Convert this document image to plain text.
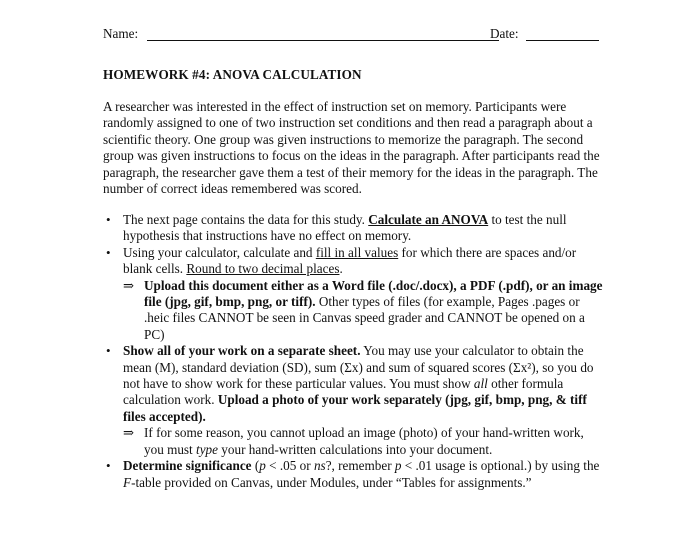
Name:	Date:
HOMEWORK #4: ANOVA CALCULATION

A researcher was interested in the effect of instruction set on memory. Participants were randomly assigned to one of two instruction set conditions and then read a paragraph about a scientific theory. One group was given instructions to memorize the paragraph. The second group was given instructions to focus on the ideas in the paragraph. After participants read the paragraph, the researcher gave them a test of their memory for the ideas in the paragraph. The number of correct ideas remembered was scored.

• The next page contains the data for this study. Calculate an ANOVA to test the null hypothesis that instructions have no effect on memory.
• Using your calculator, calculate and fill in all values for which there are spaces and/or blank cells. Round to two decimal places.
⇒ Upload this document either as a Word file (.doc/.docx), a PDF (.pdf), or an image file (jpg, gif, bmp, png, or tiff). Other types of files (for example, Pages .pages or .heic files CANNOT be seen in Canvas speed grader and CANNOT be opened on a PC)
• Show all of your work on a separate sheet. You may use your calculator to obtain the mean (M), standard deviation (SD), sum (Σx) and sum of squared scores (Σx²), so you do not have to show work for these particular values. You must show all other formula calculation work. Upload a photo of your work separately (jpg, gif, bmp, png, & tiff files accepted).
⇒ If for some reason, you cannot upload an image (photo) of your hand-written work, you must type your hand-written calculations into your document.
• Determine significance (p < .05 or ns?, remember p < .01 usage is optional.) by using the F-table provided on Canvas, under Modules, under “Tables for assignments.”
